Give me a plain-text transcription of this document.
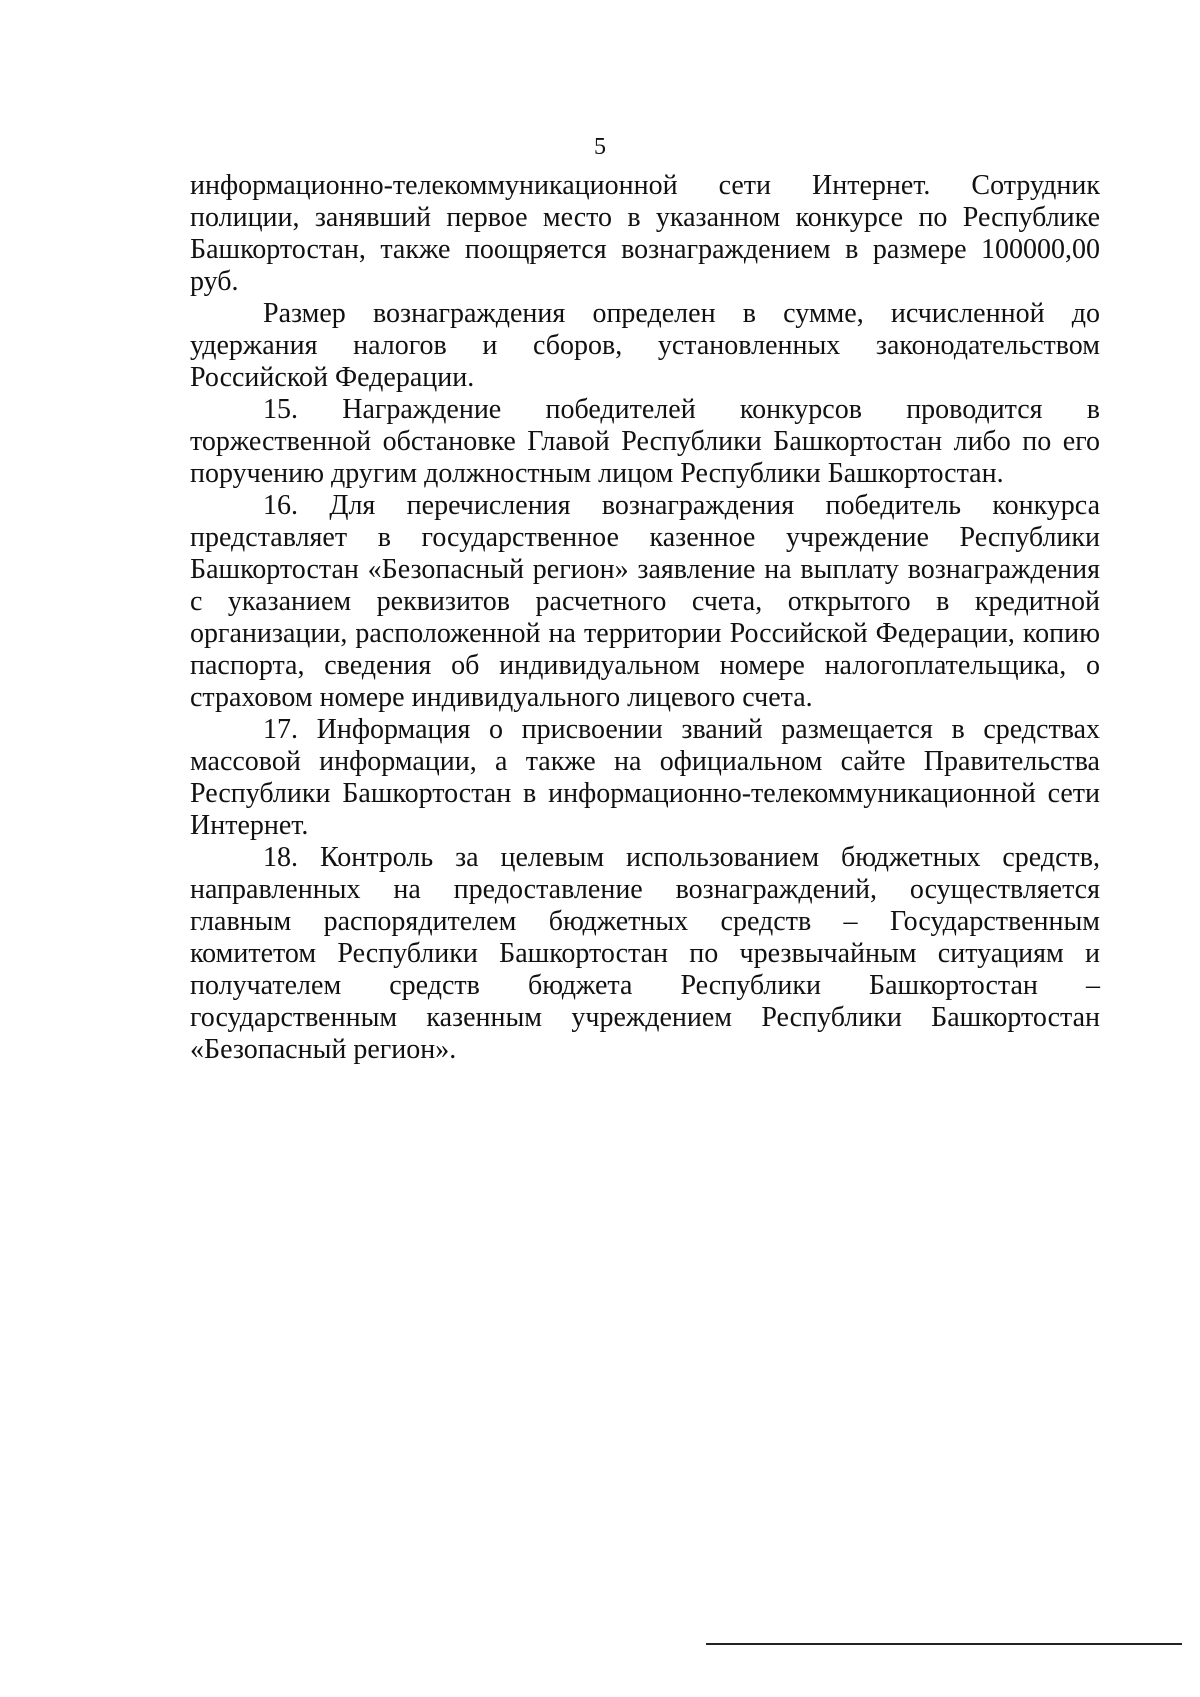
5

информационно-телекоммуникационной сети Интернет. Сотрудник полиции, занявший первое место в указанном конкурсе по Республике Башкортостан, также поощряется вознаграждением в размере 100000,00 руб.

Размер вознаграждения определен в сумме, исчисленной до удержания налогов и сборов, установленных законодательством Российской Федерации.

15. Награждение победителей конкурсов проводится в торжественной обстановке Главой Республики Башкортостан либо по его поручению другим должностным лицом Республики Башкортостан.

16. Для перечисления вознаграждения победитель конкурса представляет в государственное казенное учреждение Республики Башкортостан «Безопасный регион» заявление на выплату вознаграждения с указанием реквизитов расчетного счета, открытого в кредитной организации, расположенной на территории Российской Федерации, копию паспорта, сведения об индивидуальном номере налогоплательщика, о страховом номере индивидуального лицевого счета.

17. Информация о присвоении званий размещается в средствах массовой информации, а также на официальном сайте Правительства Республики Башкортостан в информационно-телекоммуникационной сети Интернет.

18. Контроль за целевым использованием бюджетных средств, направленных на предоставление вознаграждений, осуществляется главным распорядителем бюджетных средств – Государственным комитетом Республики Башкортостан по чрезвычайным ситуациям и получателем средств бюджета Республики Башкортостан – государственным казенным учреждением Республики Башкортостан «Безопасный регион».
